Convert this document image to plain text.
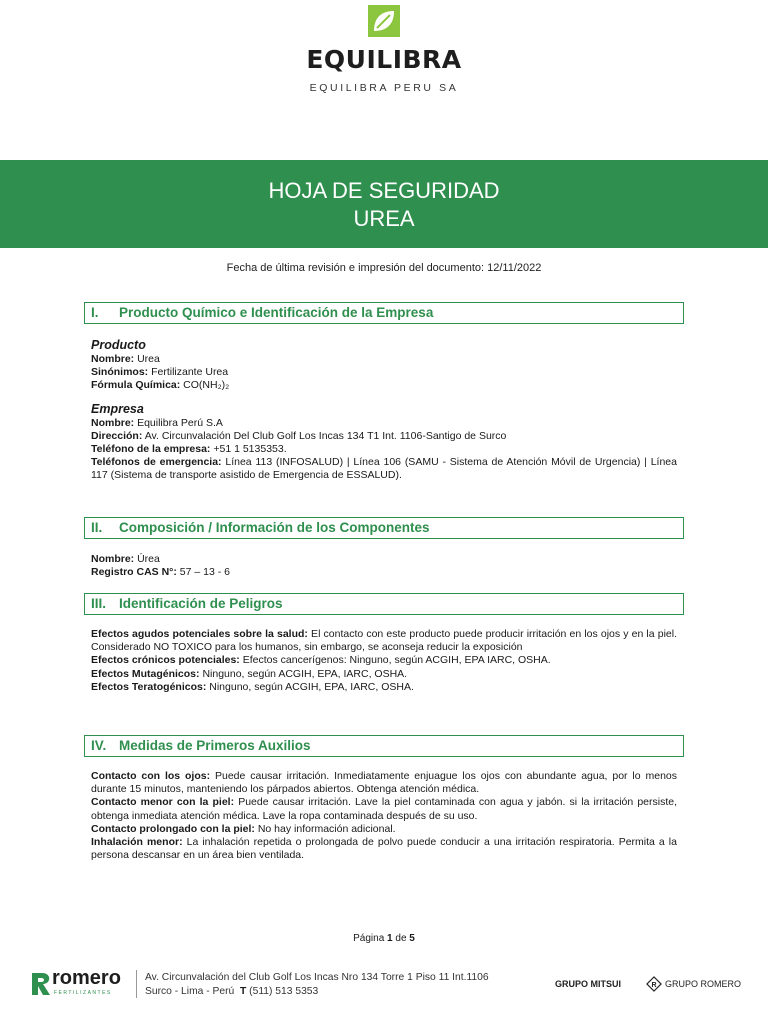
EQUILIBRA
EQUILIBRA PERU SA
HOJA DE SEGURIDAD
UREA
Fecha de última revisión e impresión del documento: 12/11/2022
I. Producto Químico e Identificación de la Empresa
Producto

Nombre: Urea

Sinónimos: Fertilizante Urea

Fórmula Química: CO(NH₂)₂

Empresa

Nombre: Equilibra Perú S.A

Dirección: Av. Circunvalación Del Club Golf Los Incas 134 T1 Int. 1106-Santigo de Surco

Teléfono de la empresa: +51 1 5135353.

Teléfonos de emergencia: Línea 113 (INFOSALUD) | Línea 106 (SAMU - Sistema de Atención Móvil de Urgencia) | Línea 117 (Sistema de transporte asistido de Emergencia de ESSALUD).

II. Composición / Información de los Componentes

Nombre: Úrea

Registro CAS N°: 57 – 13 - 6

III. Identificación de Peligros

Efectos agudos potenciales sobre la salud: El contacto con este producto puede producir irritación en los ojos y en la piel. Considerado NO TOXICO para los humanos, sin embargo, se aconseja reducir la exposición

Efectos crónicos potenciales: Efectos cancerígenos: Ninguno, según ACGIH, EPA IARC, OSHA.

Efectos Mutagénicos: Ninguno, según ACGIH, EPA, IARC, OSHA.

Efectos Teratogénicos: Ninguno, según ACGIH, EPA, IARC, OSHA.

IV. Medidas de Primeros Auxilios

Contacto con los ojos: Puede causar irritación. Inmediatamente enjuague los ojos con abundante agua, por lo menos durante 15 minutos, manteniendo los párpados abiertos. Obtenga atención médica.

Contacto menor con la piel: Puede causar irritación. Lave la piel contaminada con agua y jabón. si la irritación persiste, obtenga inmediata atención médica. Lave la ropa contaminada después de su uso.

Contacto prolongado con la piel: No hay información adicional.

Inhalación menor: La inhalación repetida o prolongada de polvo puede conducir a una irritación respiratoria. Permita a la persona descansar en un área bien ventilada.

Página 1 de 5
romero
FERTILIZANTES
Av. Circunvalación del Club Golf Los Incas Nro 134 Torre 1 Piso 11 Int.1106
Surco - Lima - Perú T (511) 513 5353
GRUPO MITSUI	R GRUPO ROMERO
